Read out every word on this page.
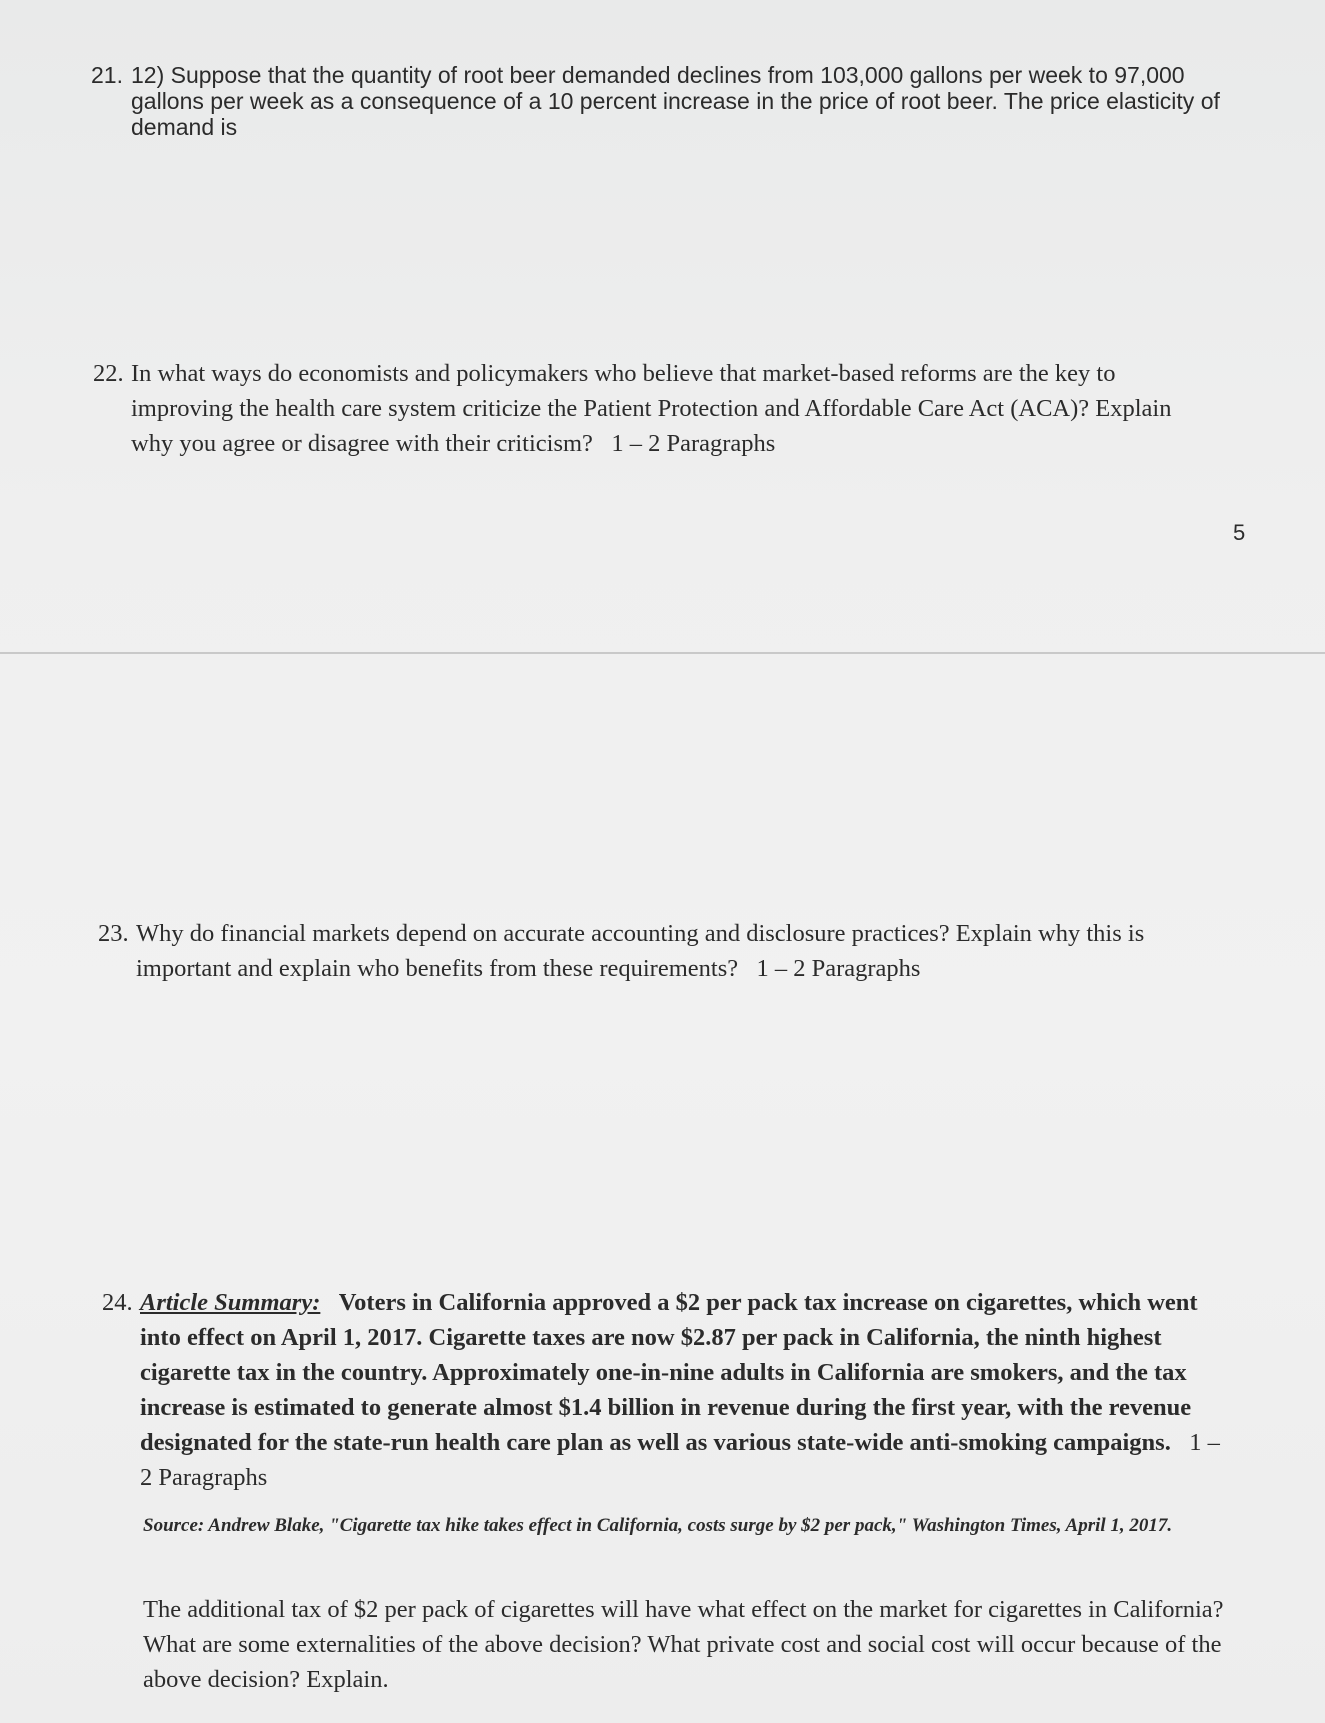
21. 12) Suppose that the quantity of root beer demanded declines from 103,000 gallons per week to 97,000 gallons per week as a consequence of a 10 percent increase in the price of root beer. The price elasticity of demand is
22. In what ways do economists and policymakers who believe that market-based reforms are the key to improving the health care system criticize the Patient Protection and Affordable Care Act (ACA)? Explain why you agree or disagree with their criticism? 1 – 2 Paragraphs
5
23. Why do financial markets depend on accurate accounting and disclosure practices? Explain why this is important and explain who benefits from these requirements? 1 – 2 Paragraphs
24. Article Summary: Voters in California approved a $2 per pack tax increase on cigarettes, which went into effect on April 1, 2017. Cigarette taxes are now $2.87 per pack in California, the ninth highest cigarette tax in the country. Approximately one-in-nine adults in California are smokers, and the tax increase is estimated to generate almost $1.4 billion in revenue during the first year, with the revenue designated for the state-run health care plan as well as various state-wide anti-smoking campaigns. 1 – 2 Paragraphs
Source: Andrew Blake, "Cigarette tax hike takes effect in California, costs surge by $2 per pack," Washington Times, April 1, 2017.
The additional tax of $2 per pack of cigarettes will have what effect on the market for cigarettes in California? What are some externalities of the above decision? What private cost and social cost will occur because of the above decision? Explain.
